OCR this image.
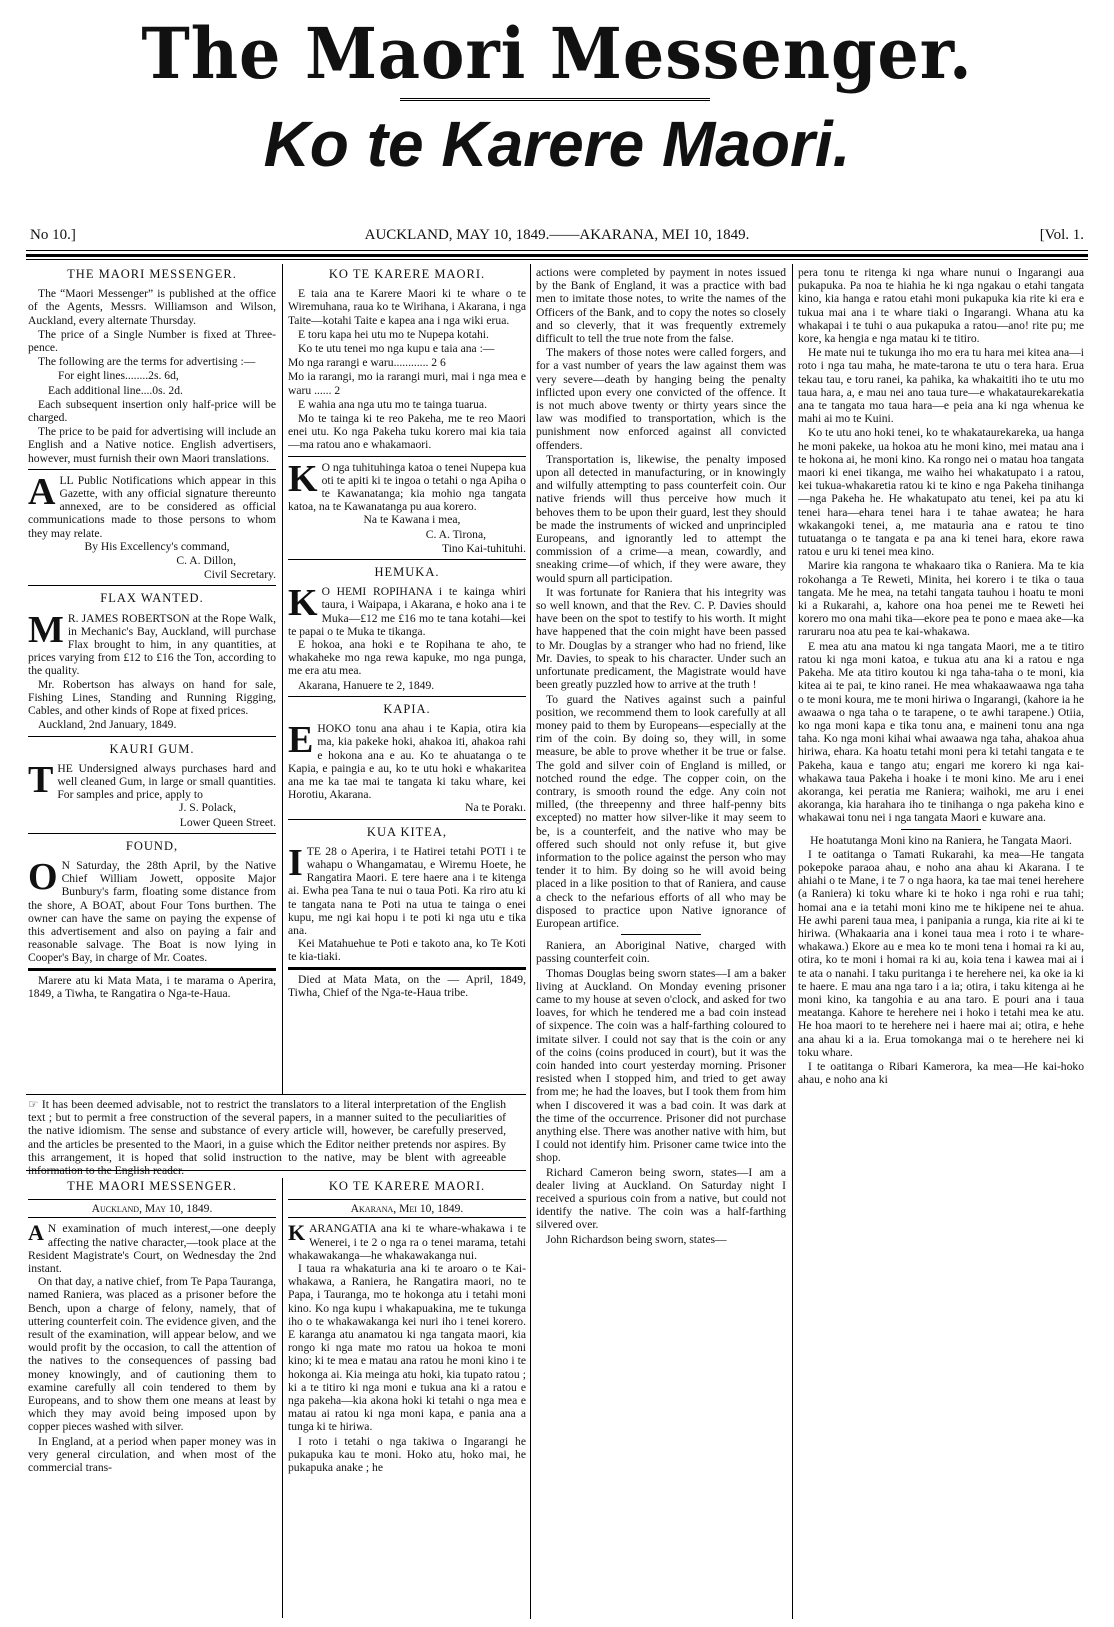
The Maori Messenger.
Ko te Karere Maori.
No 10.]	AUCKLAND, MAY 10, 1849.——AKARANA, MEI 10, 1849.	[Vol. 1.
THE MAORI MESSENGER.

The “Maori Messenger” is published at the office of the Agents, Messrs. Williamson and Wilson, Auckland, every alternate Thursday.

The price of a Single Number is fixed at Three-pence.

The following are the terms for advertising :—

For eight lines........2s. 6d,

Each additional line....0s. 2d.

Each subsequent insertion only half-price will be charged.

The price to be paid for advertising will include an English and a Native notice. English advertisers, however, must furnish their own Maori translations.

A LL Public Notifications which appear in this Gazette, with any official signature thereunto annexed, are to be considered as official communications made to those persons to whom they may relate.

By His Excellency's command,

C. A. Dillon,

Civil Secretary.

FLAX WANTED.
M R. JAMES ROBERTSON at the Rope Walk, in Mechanic's Bay, Auckland, will purchase Flax brought to him, in any quantities, at prices varying from £12 to £16 the Ton, according to the quality.

Mr. Robertson has always on hand for sale, Fishing Lines, Standing and Running Rigging, Cables, and other kinds of Rope at fixed prices.

Auckland, 2nd January, 1849.

KAURI GUM.
T HE Undersigned always purchases hard and well cleaned Gum, in large or small quantities. For samples and price, apply to

J. S. Polack,

Lower Queen Street.

FOUND,
O N Saturday, the 28th April, by the Native Chief William Jowett, opposite Major Bunbury's farm, floating some distance from the shore, A BOAT, about Four Tons burthen. The owner can have the same on paying the expense of this advertisement and also on paying a fair and reasonable salvage. The Boat is now lying in Cooper's Bay, in charge of Mr. Coates.

Marere atu ki Mata Mata, i te marama o Aperira, 1849, a Tiwha, te Rangatira o Nga-te-Haua.

KO TE KARERE MAORI.

E taia ana te Karere Maori ki te whare o te Wiremuhana, raua ko te Wirihana, i Akarana, i nga Taite—kotahi Taite e kapea ana i nga wiki erua.

E toru kapa hei utu mo te Nupepa kotahi.

Ko te utu tenei mo nga kupu e taia ana :—

Mo nga rarangi e waru............ 2 6

Mo ia rarangi, mo ia rarangi muri, mai i nga mea e waru ...... 2

E wahia ana nga utu mo te tainga tuarua.

Mo te tainga ki te reo Pakeha, me te reo Maori enei utu. Ko nga Pakeha tuku korero mai kia taia—ma ratou ano e whakamaori.

K O nga tuhituhinga katoa o tenei Nupepa kua oti te apiti ki te ingoa o tetahi o nga Apiha o te Kawanatanga; kia mohio nga tangata katoa, na te Kawanatanga pu aua korero.

Na te Kawana i mea,

C. A. Tirona,

Tino Kai-tuhituhi.

HEMUKA.
K O HEMI ROPIHANA i te kainga whiri taura, i Waipapa, i Akarana, e hoko ana i te Muka—£12 me £16 mo te tana kotahi—kei te papai o te Muka te tikanga.

E hokoa, ana hoki e te Ropihana te aho, te whakaheke mo nga rewa kapuke, mo nga punga, me era atu mea.

Akarana, Hanuere te 2, 1849.

KAPIA.
E HOKO tonu ana ahau i te Kapia, otira kia ma, kia pakeke hoki, ahakoa iti, ahakoa rahi e hokona ana e au. Ko te ahuatanga o te Kapia, e paingia e au, ko te utu hoki e whakaritea ana me ka tae mai te tangata ki taku whare, kei Horotiu, Akarana.

Na te Porakı.

KUA KITEA,
I TE 28 o Aperira, i te Hatirei tetahi POTI i te wahapu o Whangamatau, e Wiremu Hoete, he Rangatira Maori. E tere haere ana i te kitenga ai. Ewha pea Tana te nui o taua Poti. Ka riro atu ki te tangata nana te Poti na utua te tainga o enei kupu, me ngi kai hopu i te poti ki nga utu e tika ana.

Kei Matahuehue te Poti e takoto ana, ko Te Koti te kia-tiaki.

Died at Mata Mata, on the — April, 1849, Tiwha, Chief of the Nga-te-Haua tribe.

☞ It has been deemed advisable, not to restrict the translators to a literal interpretation of the English text ; but to permit a free construction of the several papers, in a manner suited to the peculiarities of the native idiomism. The sense and substance of every article will, however, be carefully preserved, and the articles be presented to the Maori, in a guise which the Editor neither pretends nor aspires. By this arrangement, it is hoped that solid instruction to the native, may be blent with agreeable information to the English reader.
THE MAORI MESSENGER.
Auckland, May 10, 1849.
A N examination of much interest,—one deeply affecting the native character,—took place at the Resident Magistrate's Court, on Wednesday the 2nd instant.

On that day, a native chief, from Te Papa Tauranga, named Raniera, was placed as a prisoner before the Bench, upon a charge of felony, namely, that of uttering counterfeit coin. The evidence given, and the result of the examination, will appear below, and we would profit by the occasion, to call the attention of the natives to the consequences of passing bad money knowingly, and of cautioning them to examine carefully all coin tendered to them by Europeans, and to show them one means at least by which they may avoid being imposed upon by copper pieces washed with silver.

In England, at a period when paper money was in very general circulation, and when most of the commercial trans-

KO TE KARERE MAORI.
Akarana, Mei 10, 1849.
K ARANGATIA ana ki te whare-whakawa i te Wenerei, i te 2 o nga ra o tenei marama, tetahi whakawakanga—he whakawakanga nui.

I taua ra whakaturia ana ki te aroaro o te Kai-whakawa, a Raniera, he Rangatira maori, no te Papa, i Tauranga, mo te hokonga atu i tetahi moni kino. Ko nga kupu i whakapuakina, me te tukunga iho o te whakawakanga kei nuri iho i tenei korero. E karanga atu anamatou ki nga tangata maori, kia rongo ki nga mate mo ratou ua hokoa te moni kino; ki te mea e matau ana ratou he moni kino i te hokonga ai. Kia meinga atu hoki, kia tupato ratou ; ki a te titiro ki nga moni e tukua ana ki a ratou e nga pakeha—kia akona hoki ki tetahi o nga mea e matau ai ratou ki nga moni kapa, e pania ana a tunga ki te hiriwa.

I roto i tetahi o nga takiwa o Ingarangi he pukapuka kau te moni. Hoko atu, hoko mai, he pukapuka anake ; he

actions were completed by payment in notes issued by the Bank of England, it was a practice with bad men to imitate those notes, to write the names of the Officers of the Bank, and to copy the notes so closely and so cleverly, that it was frequently extremely difficult to tell the true note from the false.

The makers of those notes were called forgers, and for a vast number of years the law against them was very severe—death by hanging being the penalty inflicted upon every one convicted of the offence. It is not much above twenty or thirty years since the law was modified to transportation, which is the punishment now enforced against all convicted offenders.

Transportation is, likewise, the penalty imposed upon all detected in manufacturing, or in knowingly and wilfully attempting to pass counterfeit coin. Our native friends will thus perceive how much it behoves them to be upon their guard, lest they should be made the instruments of wicked and unprincipled Europeans, and ignorantly led to attempt the commission of a crime—a mean, cowardly, and sneaking crime—of which, if they were aware, they would spurn all participation.

It was fortunate for Raniera that his integrity was so well known, and that the Rev. C. P. Davies should have been on the spot to testify to his worth. It might have happened that the coin might have been passed to Mr. Douglas by a stranger who had no friend, like Mr. Davies, to speak to his character. Under such an unfortunate predicament, the Magistrate would have been greatly puzzled how to arrive at the truth !

To guard the Natives against such a painful position, we recommend them to look carefully at all money paid to them by Europeans—especially at the rim of the coin. By doing so, they will, in some measure, be able to prove whether it be true or false. The gold and silver coin of England is milled, or notched round the edge. The copper coin, on the contrary, is smooth round the edge. Any coin not milled, (the threepenny and three half-penny bits excepted) no matter how silver-like it may seem to be, is a counterfeit, and the native who may be offered such should not only refuse it, but give information to the police against the person who may tender it to him. By doing so he will avoid being placed in a like position to that of Raniera, and cause a check to the nefarious efforts of all who may be disposed to practice upon Native ignorance of European artifice.

Raniera, an Aboriginal Native, charged with passing counterfeit coin.

Thomas Douglas being sworn states—I am a baker living at Auckland. On Monday evening prisoner came to my house at seven o'clock, and asked for two loaves, for which he tendered me a bad coin instead of sixpence. The coin was a half-farthing coloured to imitate silver. I could not say that is the coin or any of the coins (coins produced in court), but it was the coin handed into court yesterday morning. Prisoner resisted when I stopped him, and tried to get away from me; he had the loaves, but I took them from him when I discovered it was a bad coin. It was dark at the time of the occurrence. Prisoner did not purchase anything else. There was another native with him, but I could not identify him. Prisoner came twice into the shop.

Richard Cameron being sworn, states—I am a dealer living at Auckland. On Saturday night I received a spurious coin from a native, but could not identify the native. The coin was a half-farthing silvered over.

John Richardson being sworn, states—

pera tonu te ritenga ki nga whare nunui o Ingarangi aua pukapuka. Pa noa te hiahia he ki nga ngakau o etahi tangata kino, kia hanga e ratou etahi moni pukapuka kia rite ki era e tukua mai ana i te whare tiaki o Ingarangi. Whana atu ka whakapai i te tuhi o aua pukapuka a ratou—ano! rite pu; me kore, ka hengia e nga matau ki te titiro.

He mate nui te tukunga iho mo era tu hara mei kitea ana—i roto i nga tau maha, he mate-tarona te utu o tera hara. Erua tekau tau, e toru ranei, ka pahika, ka whakaititi iho te utu mo taua hara, a, e mau nei ano taua ture—e whakataurekarekatia ana te tangata mo taua hara—e peia ana ki nga whenua ke mahi ai mo te Kuini.

Ko te utu ano hoki tenei, ko te whakataurekareka, ua hanga he moni pakeke, ua hokoa atu he moni kino, mei matau ana i te hokona ai, he moni kino. Ka rongo nei o matau hoa tangata maori ki enei tikanga, me waiho hei whakatupato i a ratou, kei tukua-whakaretia ratou ki te kino e nga Pakeha tinihanga—nga Pakeha he. He whakatupato atu tenei, kei pa atu ki tenei hara—ehara tenei hara i te tahae awatea; he hara wkakangoki tenei, a, me mataurìa ana e ratou te tino tutuatanga o te tangata e pa ana ki tenei hara, ekore rawa ratou e uru ki tenei mea kino.

Marire kia rangona te whakaaro tika o Raniera. Ma te kia rokohanga a Te Reweti, Minita, hei korero i te tika o taua tangata. Me he mea, na tetahi tangata tauhou i hoatu te moni ki a Rukarahi, a, kahore ona hoa penei me te Reweti hei korero mo ona mahi tika—ekore pea te pono e maea ake—ka raruraru noa atu pea te kai-whakawa.

E mea atu ana matou ki nga tangata Maori, me a te titiro ratou ki nga moni katoa, e tukua atu ana ki a ratou e nga Pakeha. Me ata titiro koutou ki nga taha-taha o te moni, kia kitea ai te pai, te kino ranei. He mea whakaawaawa nga taha o te moni koura, me te moni hiriwa o Ingarangi, (kahore ia he awaawa o nga taha o te tarapene, o te awhi tarapene.) Otiia, ko nga moni kapa e tika tonu ana, e maineni tonu ana nga taha. Ko nga moni kihai whai awaawa nga taha, ahakoa ahua hiriwa, ehara. Ka hoatu tetahi moni pera ki tetahi tangata e te Pakeha, kaua e tango atu; engari me korero ki nga kai-whakawa taua Pakeha i hoake i te moni kino. Me aru i enei akoranga, kei peratia me Raniera; waihoki, me aru i enei akoranga, kia harahara iho te tinihanga o nga pakeha kino e whakawai tonu nei i nga tangata Maori e kuware ana.

He hoatutanga Moni kino na Raniera, he Tangata Maori.

I te oatitanga o Tamati Rukarahi, ka mea—He tangata pokepoke paraoa ahau, e noho ana ahau ki Akarana. I te ahiahi o te Mane, i te 7 o nga haora, ka tae mai tenei herehere (a Raniera) ki toku whare ki te hoko i nga rohi e rua tahi; homai ana e ia tetahi moni kino me te hikipene nei te ahua. He awhi pareni taua mea, i panipania a runga, kia rite ai ki te hiriwa. (Whakaaria ana i konei taua mea i roto i te whare-whakawa.) Ekore au e mea ko te moni tena i homai ra ki au, otira, ko te moni i homai ra ki au, koia tena i kawea mai ai i te ata o nanahi. I taku puritanga i te herehere nei, ka oke ia ki te haere. E mau ana nga taro i a ia; otira, i taku kitenga ai he moni kino, ka tangohia e au ana taro. E pouri ana i taua meatanga. Kahore te herehere nei i hoko i tetahi mea ke atu. He hoa maori to te herehere nei i haere mai ai; otira, e hehe ana ahau ki a ia. Erua tomokanga mai o te herehere nei ki toku whare.

I te oatitanga o Ribari Kamerora, ka mea—He kai-hoko ahau, e noho ana ki
